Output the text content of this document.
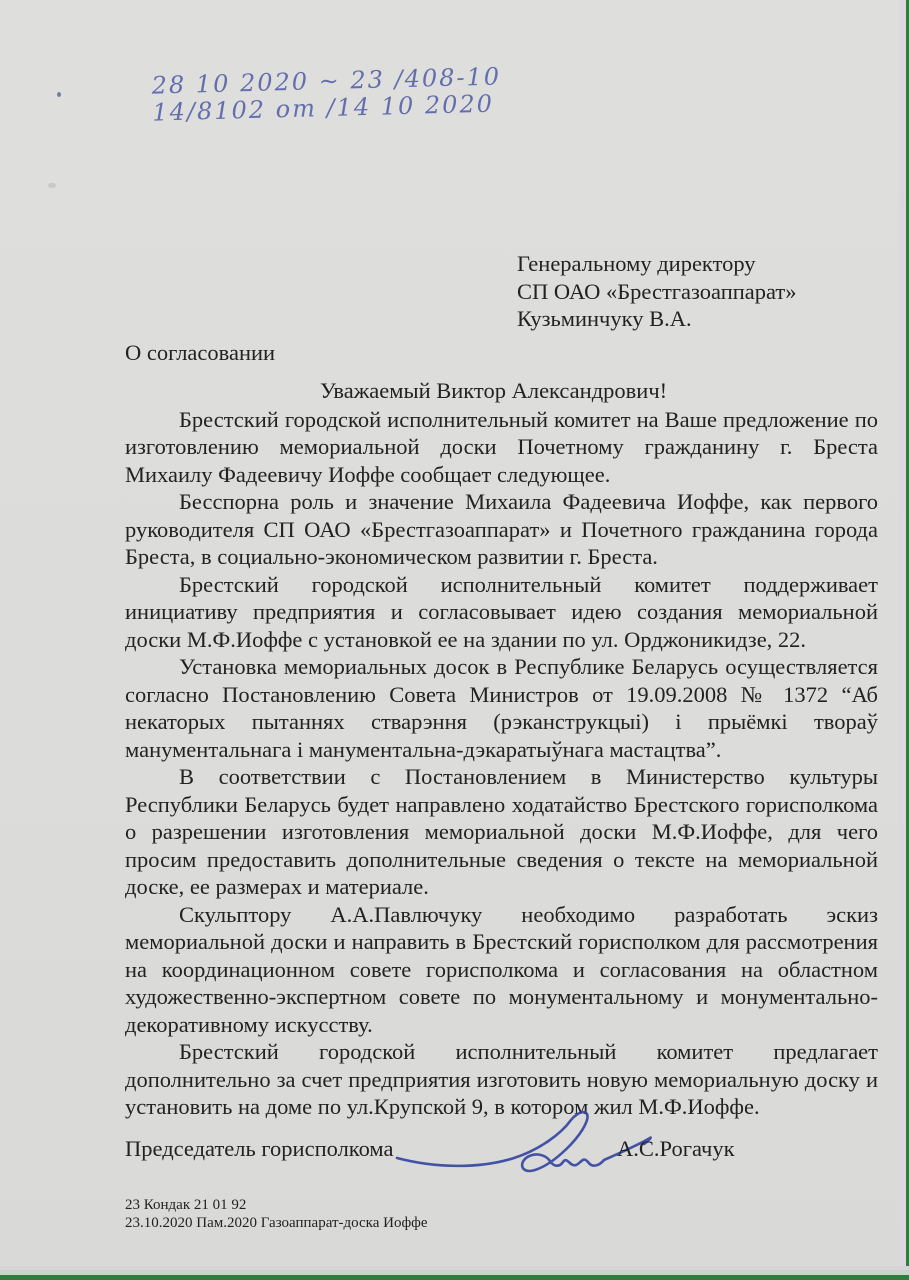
28 10 2020 ~ 23 /408-10
14/8102 от /14 10 2020
Генеральному директору
СП ОАО «Брестгазоаппарат»
Кузьминчуку В.А.
О согласовании

Уважаемый Виктор Александрович!

Брестский городской исполнительный комитет на Ваше предложение по изготовлению мемориальной доски Почетному гражданину г. Бреста Михаилу Фадеевичу Иоффе сообщает следующее.

Бесспорна роль и значение Михаила Фадеевича Иоффе, как первого руководителя СП ОАО «Брестгазоаппарат» и Почетного гражданина города Бреста, в социально-экономическом развитии г. Бреста.

Брестский городской исполнительный комитет поддерживает инициативу предприятия и согласовывает идею создания мемориальной доски М.Ф.Иоффе с установкой ее на здании по ул. Орджоникидзе, 22.

Установка мемориальных досок в Республике Беларусь осуществляется согласно Постановлению Совета Министров от 19.09.2008 № 1372 “Аб некаторых пытаннях стварэння (рэканструкцыі) і прыёмкі твораў манументальнага і манументальна-дэкаратыўнага мастацтва”.

В соответствии с Постановлением в Министерство культуры Республики Беларусь будет направлено ходатайство Брестского горисполкома о разрешении изготовления мемориальной доски М.Ф.Иоффе, для чего просим предоставить дополнительные сведения о тексте на мемориальной доске, ее размерах и материале.

Скульптору А.А.Павлючуку необходимо разработать эскиз мемориальной доски и направить в Брестский горисполком для рассмотрения на координационном совете горисполкома и согласования на областном художественно-экспертном совете по монументальному и монументально-декоративному искусству.

Брестский городской исполнительный комитет предлагает дополнительно за счет предприятия изготовить новую мемориальную доску и установить на доме по ул.Крупской 9, в котором жил М.Ф.Иоффе.

Председатель горисполкома	А.С.Рогачук
23 Кондак 21 01 92
23.10.2020 Пам.2020 Газоаппарат-доска Иоффе
